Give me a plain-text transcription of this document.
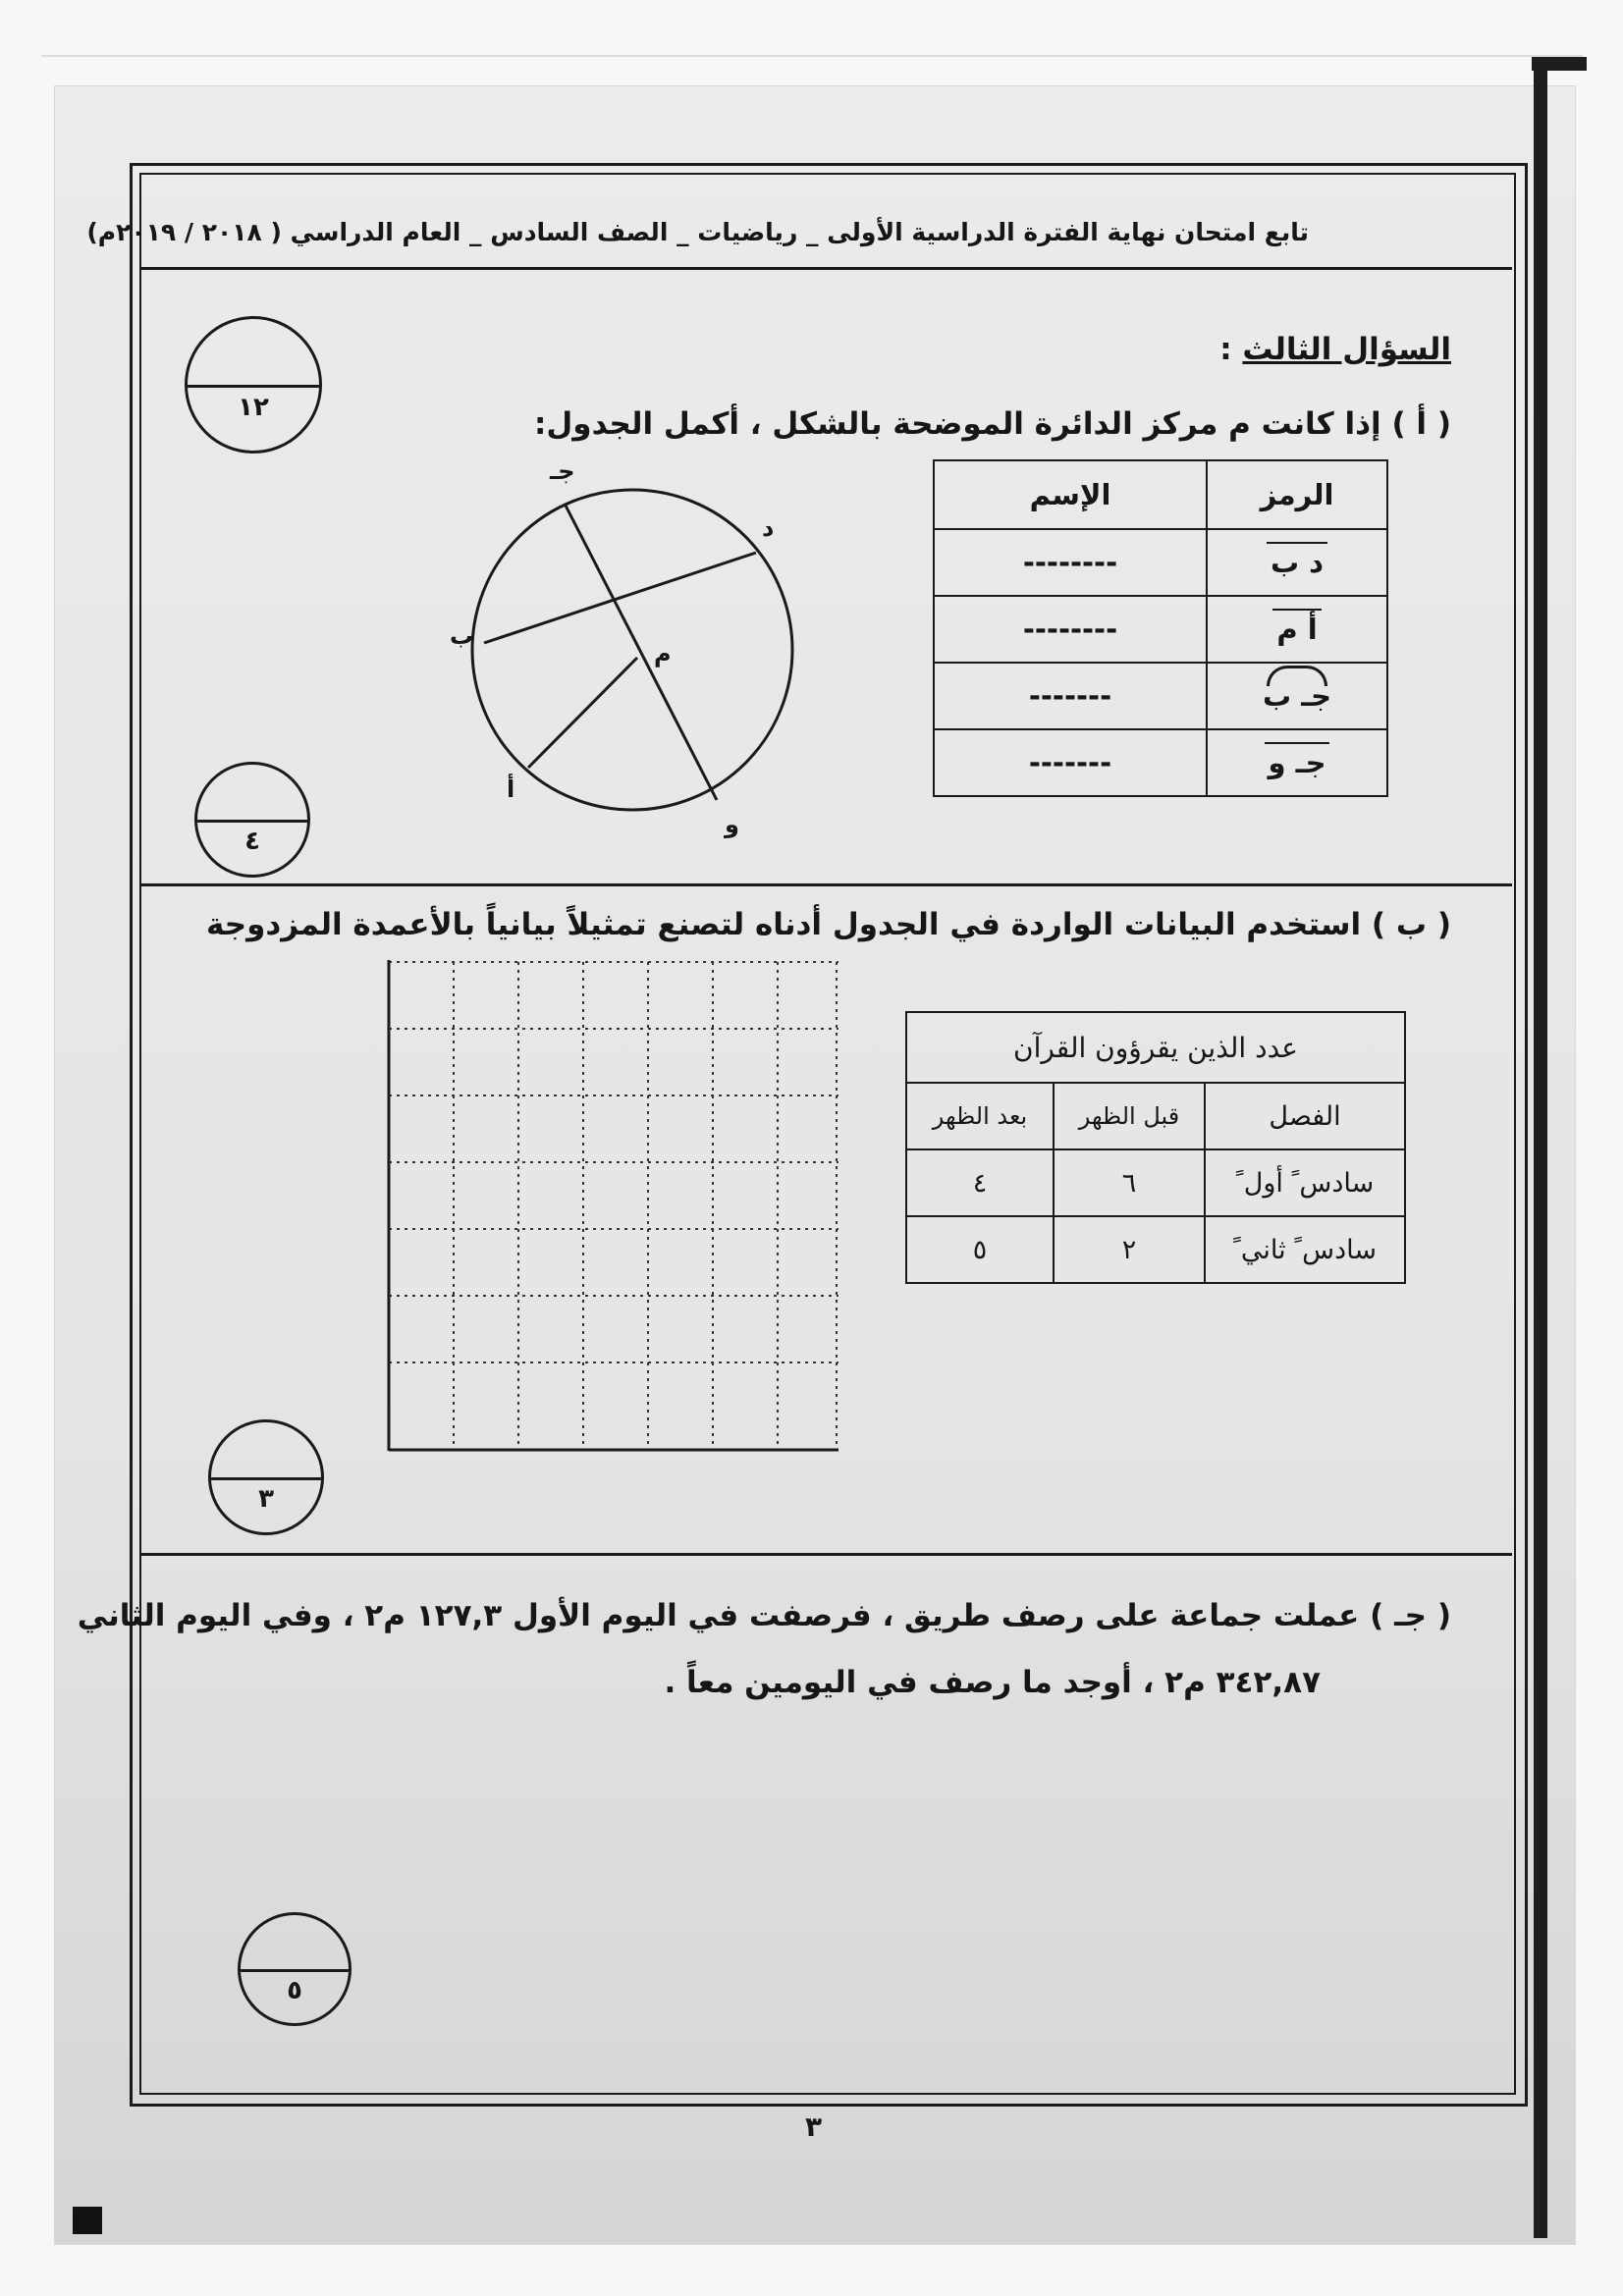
تابع امتحان نهاية الفترة الدراسية الأولى _ رياضيات _ الصف السادس _ العام الدراسي ( ٢٠١٨ / ٢٠١٩م)
١٢
السؤال الثالث :
( أ ) إذا كانت م مركز الدائرة الموضحة بالشكل ، أكمل الجدول:
جـ
د
ب
م
أ
و
الرمز	الإسم

د ب	--------

أ م	--------

جـ ب	-------

جـ و	-------
٤
( ب ) استخدم البيانات الواردة في الجدول أدناه لتصنع تمثيلاً بيانياً بالأعمدة المزدوجة
عدد الذين يقرؤون القرآن		
الفصل	قبل الظهر	بعد الظهر
سادس ً أول ً	٦	٤
سادس ً ثاني ً	٢	٥
٣
( جـ ) عملت جماعة على رصف طريق ، فرصفت في اليوم الأول ١٢٧,٣ م٢ ، وفي اليوم الثاني
٣٤٢,٨٧ م٢ ، أوجد ما رصف في اليومين معاً .
٥
٣
